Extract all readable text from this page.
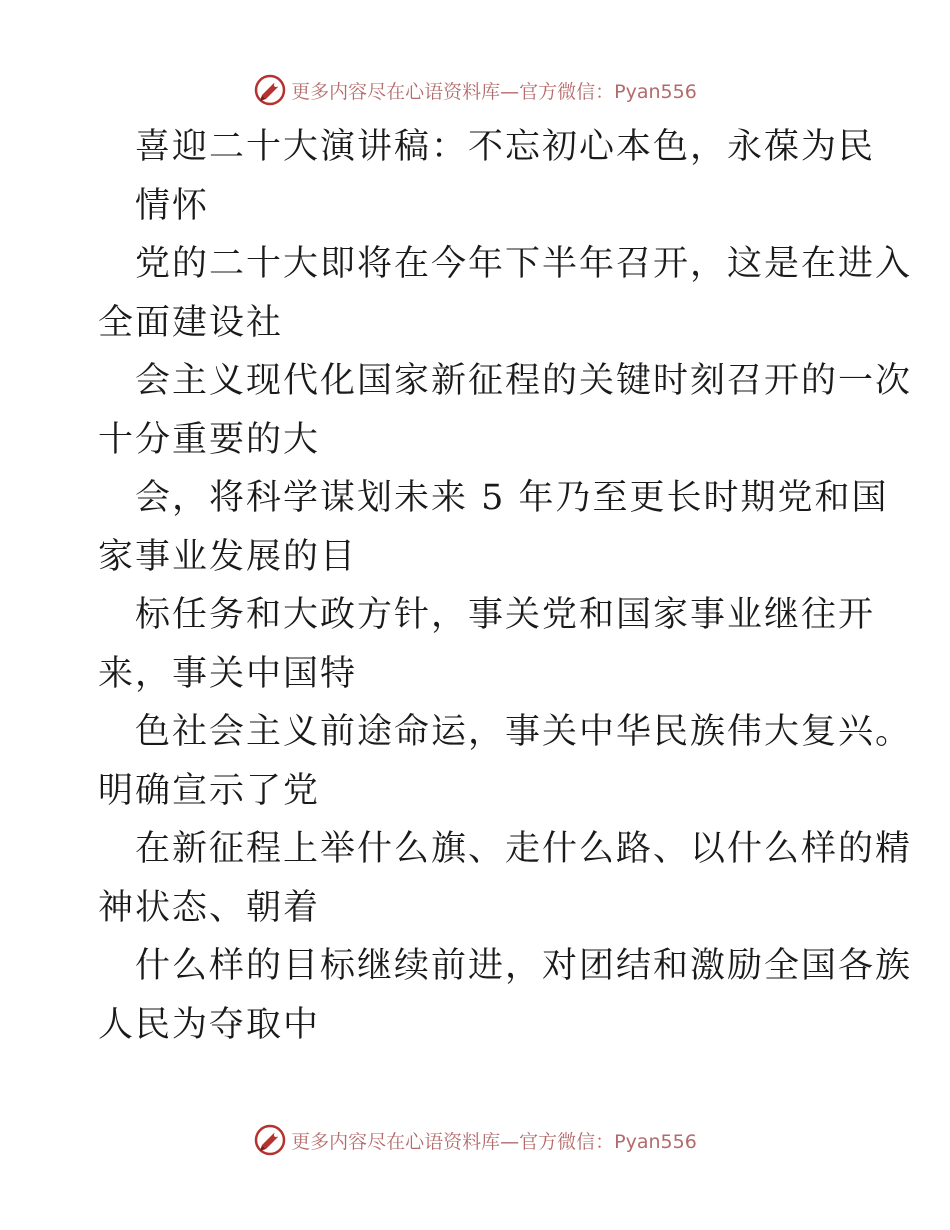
更多内容尽在心语资料库—官方微信：Pyan556
喜迎二十大演讲稿：不忘初心本色，永葆为民
情怀
党的二十大即将在今年下半年召开，这是在进入
全面建设社
会主义现代化国家新征程的关键时刻召开的一次
十分重要的大
会，将科学谋划未来 5 年乃至更长时期党和国
家事业发展的目
标任务和大政方针，事关党和国家事业继往开
来，事关中国特
色社会主义前途命运，事关中华民族伟大复兴。
明确宣示了党
在新征程上举什么旗、走什么路、以什么样的精
神状态、朝着
什么样的目标继续前进，对团结和激励全国各族
人民为夺取中
更多内容尽在心语资料库—官方微信：Pyan556
